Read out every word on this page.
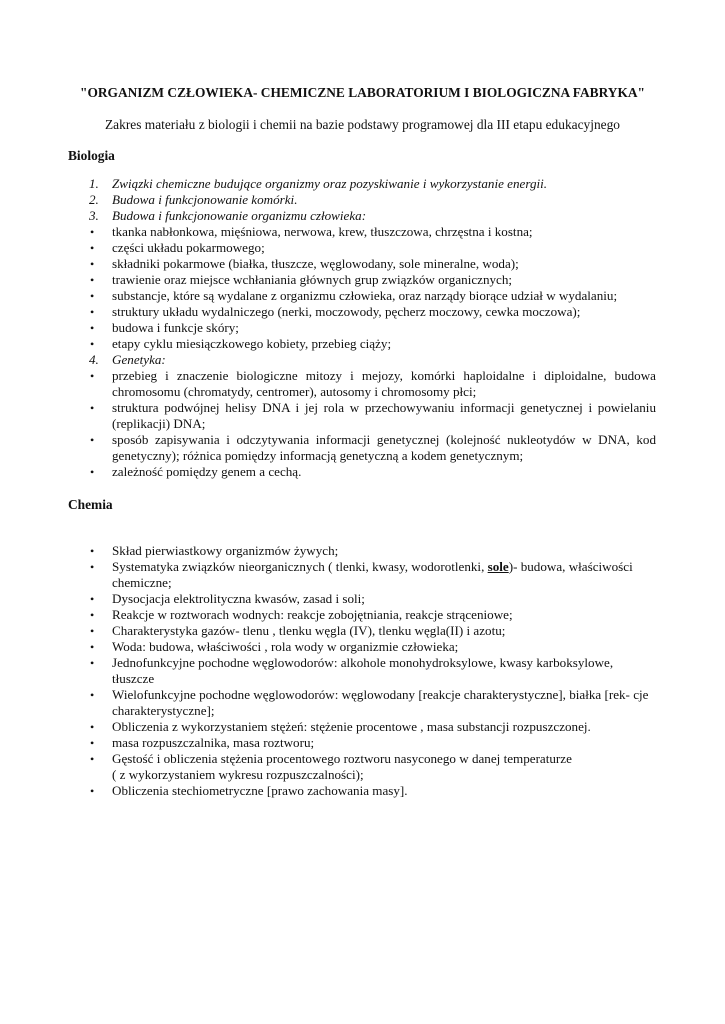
"ORGANIZM CZŁOWIEKA- CHEMICZNE LABORATORIUM I BIOLOGICZNA FABRYKA"
Zakres materiału z biologii i chemii na bazie podstawy programowej dla III etapu edukacyjnego
Biologia
1. Związki chemiczne budujące organizmy oraz pozyskiwanie i wykorzystanie energii.
2. Budowa i funkcjonowanie komórki.
3. Budowa i funkcjonowanie organizmu człowieka:
• tkanka nabłonkowa, mięśniowa, nerwowa, krew, tłuszczowa, chrzęstna i kostna;
• części układu pokarmowego;
• składniki pokarmowe (białka, tłuszcze, węglowodany, sole mineralne, woda);
• trawienie oraz miejsce wchłaniania głównych grup związków organicznych;
• substancje, które są wydalane z organizmu człowieka, oraz narządy biorące udział w wydalaniu;
• struktury układu wydalniczego (nerki, moczowody, pęcherz moczowy, cewka moczowa);
• budowa i funkcje skóry;
• etapy cyklu miesiączkowego kobiety, przebieg ciąży;
4. Genetyka:
• przebieg i znaczenie biologiczne mitozy i mejozy, komórki haploidalne i diploidalne, budowa chromosomu (chromatydy, centromer), autosomy i chromosomy płci;
• struktura podwójnej helisy DNA i jej rola w przechowywaniu informacji genetycznej i powielaniu (replikacji) DNA;
• sposób zapisywania i odczytywania informacji genetycznej (kolejność nukleotydów w DNA, kod genetyczny); różnica pomiędzy informacją genetyczną a kodem genetycznym;
• zależność pomiędzy genem a cechą.
Chemia
• Skład pierwiastkowy organizmów żywych;
• Systematyka związków nieorganicznych ( tlenki, kwasy, wodorotlenki, sole)- budowa, właściwości chemiczne;
• Dysocjacja elektrolityczna kwasów, zasad i soli;
• Reakcje w roztworach wodnych: reakcje zobojętniania, reakcje strąceniowe;
• Charakterystyka gazów- tlenu , tlenku węgla (IV), tlenku węgla(II) i azotu;
• Woda: budowa, właściwości , rola wody w organizmie człowieka;
• Jednofunkcyjne pochodne węglowodorów: alkohole monohydroksylowe, kwasy karboksylowe, tłuszcze
• Wielofunkcyjne pochodne węglowodorów: węglowodany [reakcje charakterystyczne], białka [rek- cje charakterystyczne];
• Obliczenia z wykorzystaniem stężeń: stężenie procentowe , masa substancji rozpuszczonej.
• masa rozpuszczalnika, masa roztworu;
• Gęstość i obliczenia stężenia procentowego roztworu nasyconego w danej temperaturze
( z wykorzystaniem wykresu rozpuszczalności);
• Obliczenia stechiometryczne [prawo zachowania masy].
